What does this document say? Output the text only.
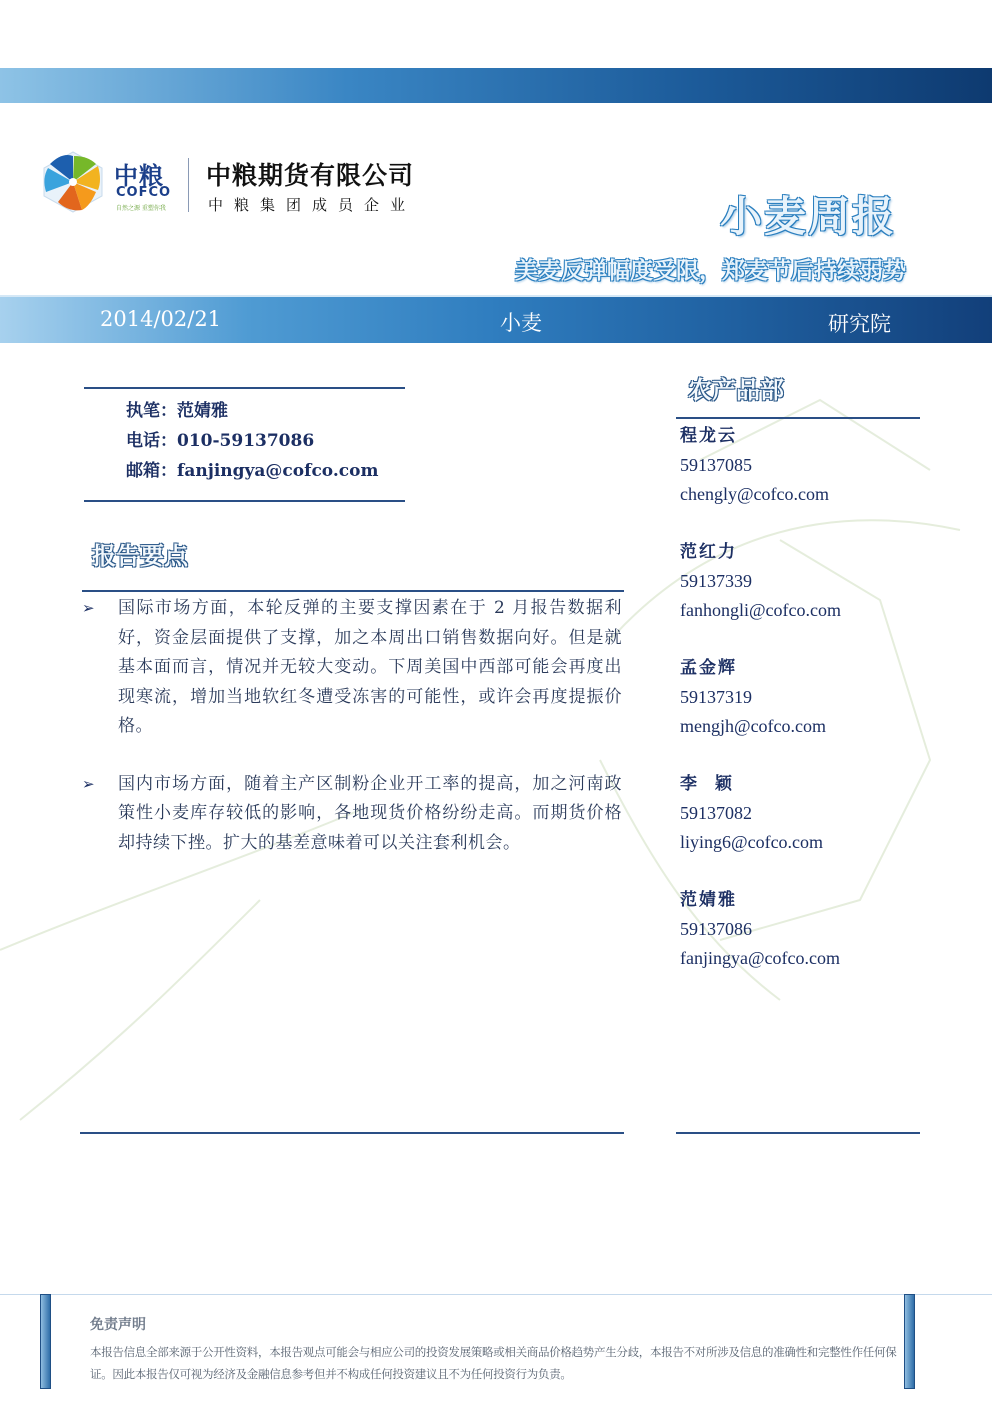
中粮
COFCO
自然之源 重塑你我
中粮期货有限公司
中粮集团成员企业	小麦周报
美麦反弹幅度受限，郑麦节后持续弱势
2014/02/21	小麦	研究院
执笔：范婧雅
电话：010-59137086
邮箱：fanjingya@cofco.com
报告要点
➢ 国际市场方面，本轮反弹的主要支撑因素在于 2 月报告数据利好，资金层面提供了支撑，加之本周出口销售数据向好。但是就基本面而言，情况并无较大变动。下周美国中西部可能会再度出现寒流，增加当地软红冬遭受冻害的可能性，或许会再度提振价格。
➢ 国内市场方面，随着主产区制粉企业开工率的提高，加之河南政策性小麦库存较低的影响，各地现货价格纷纷走高。而期货价格却持续下挫。扩大的基差意味着可以关注套利机会。
农产品部
程龙云
59137085
chengly@cofco.com
范红力
59137339
fanhongli@cofco.com
孟金辉
59137319
mengjh@cofco.com
李  颖
59137082
liying6@cofco.com
范婧雅
59137086
fanjingya@cofco.com
免责声明
本报告信息全部来源于公开性资料，本报告观点可能会与相应公司的投资发展策略或相关商品价格趋势产生分歧，本报告不对所涉及信息的准确性和完整性作任何保证。因此本报告仅可视为经济及金融信息参考但并不构成任何投资建议且不为任何投资行为负责。
